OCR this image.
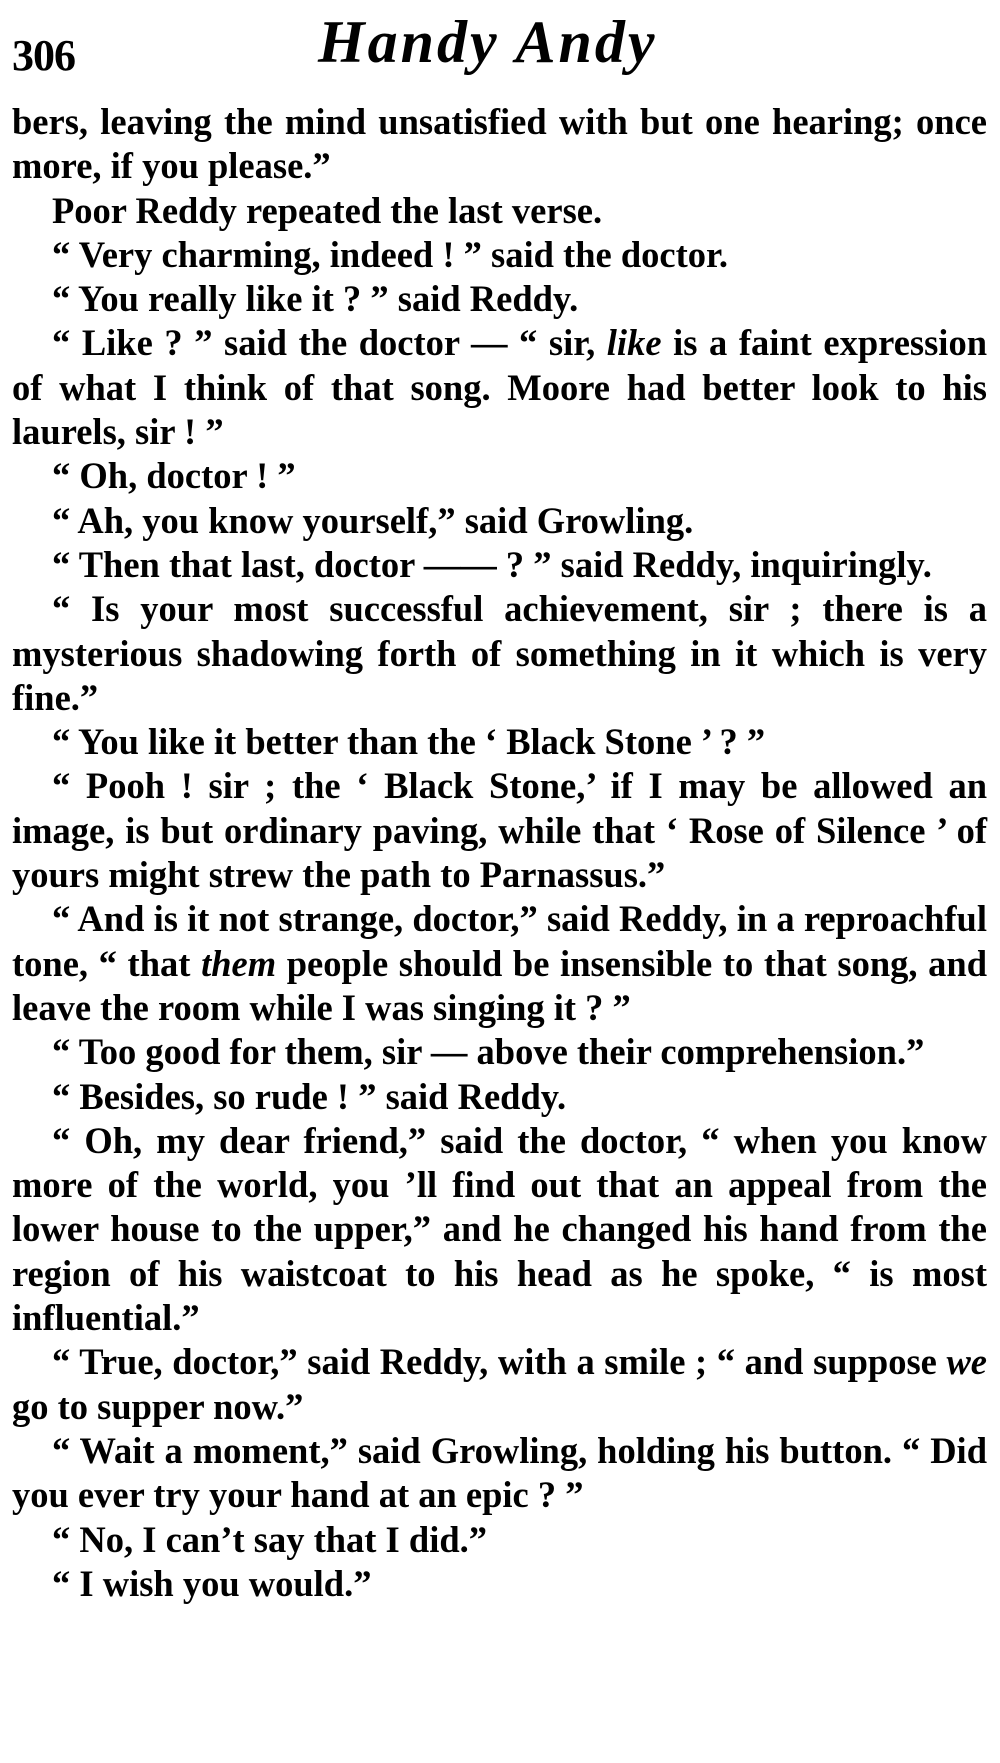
306	Handy Andy

bers, leaving the mind unsatisfied with but one hearing; once more, if you please.”

Poor Reddy repeated the last verse.

“ Very charming, indeed ! ” said the doctor.

“ You really like it ? ” said Reddy.

“ Like ? ” said the doctor — “ sir, like is a faint expression of what I think of that song. Moore had better look to his laurels, sir ! ”

“ Oh, doctor ! ”

“ Ah, you know yourself,” said Growling.

“ Then that last, doctor —— ? ” said Reddy, inquiringly.

“ Is your most successful achievement, sir ; there is a mysterious shadowing forth of something in it which is very fine.”

“ You like it better than the ‘ Black Stone ’ ? ”

“ Pooh ! sir ; the ‘ Black Stone,’ if I may be allowed an image, is but ordinary paving, while that ‘ Rose of Silence ’ of yours might strew the path to Parnassus.”

“ And is it not strange, doctor,” said Reddy, in a reproachful tone, “ that them people should be insensible to that song, and leave the room while I was singing it ? ”

“ Too good for them, sir — above their comprehension.”

“ Besides, so rude ! ” said Reddy.

“ Oh, my dear friend,” said the doctor, “ when you know more of the world, you ’ll find out that an appeal from the lower house to the upper,” and he changed his hand from the region of his waistcoat to his head as he spoke, “ is most influential.”

“ True, doctor,” said Reddy, with a smile ; “ and suppose we go to supper now.”

“ Wait a moment,” said Growling, holding his button. “ Did you ever try your hand at an epic ? ”

“ No, I can’t say that I did.”

“ I wish you would.”
